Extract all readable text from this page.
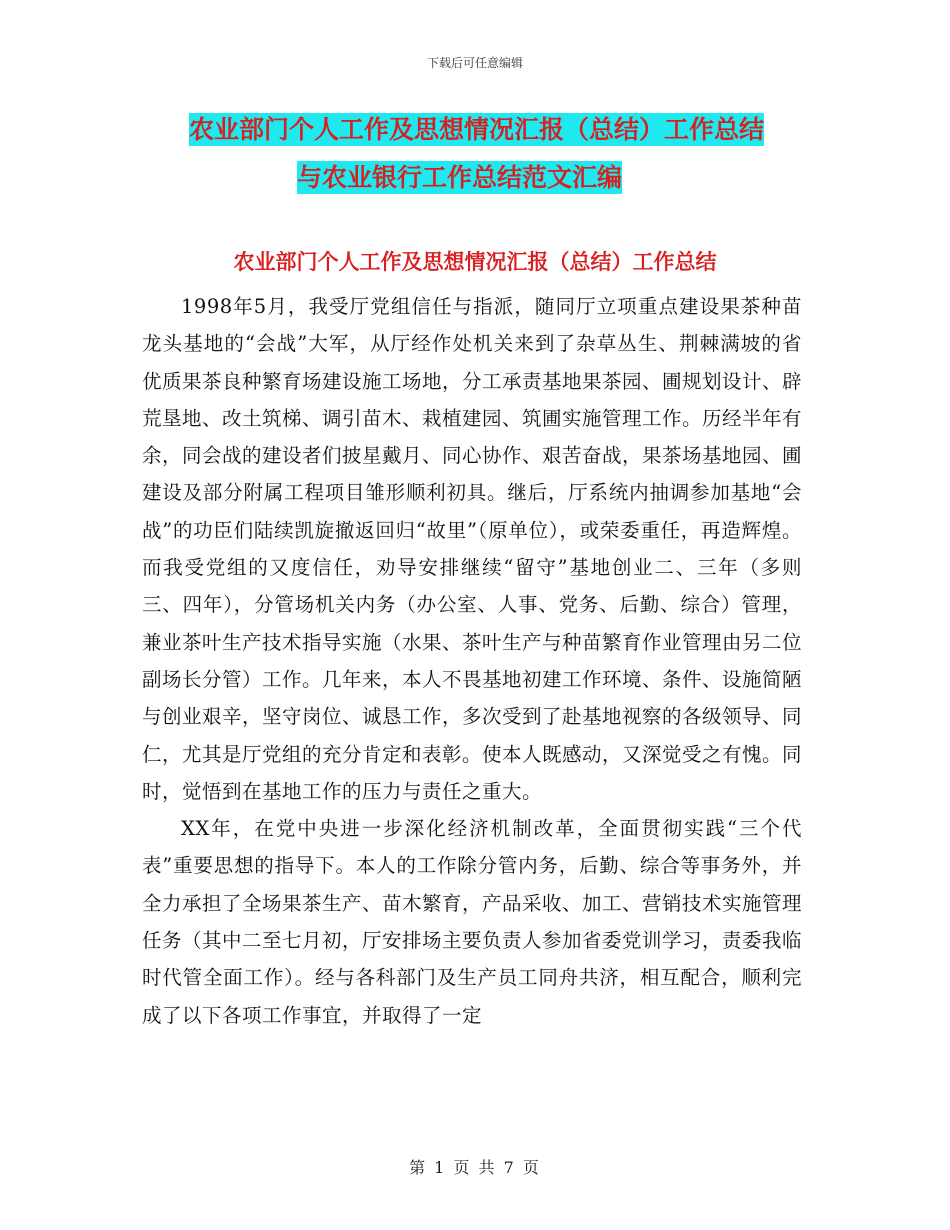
下载后可任意编辑
农业部门个人工作及思想情况汇报（总结）工作总结
与农业银行工作总结范文汇编
农业部门个人工作及思想情况汇报（总结）工作总结

1998年5月，我受厅党组信任与指派，随同厅立项重点建设果茶种苗龙头基地的“会战”大军，从厅经作处机关来到了杂草丛生、荆棘满坡的省优质果茶良种繁育场建设施工场地，分工承责基地果茶园、圃规划设计、辟荒垦地、改土筑梯、调引苗木、栽植建园、筑圃实施管理工作。历经半年有余，同会战的建设者们披星戴月、同心协作、艰苦奋战，果茶场基地园、圃建设及部分附属工程项目雏形顺利初具。继后，厅系统内抽调参加基地“会战”的功臣们陆续凯旋撤返回归“故里”（原单位），或荣委重任，再造辉煌。而我受党组的又度信任，劝导安排继续“留守”基地创业二、三年（多则三、四年），分管场机关内务（办公室、人事、党务、后勤、综合）管理，兼业茶叶生产技术指导实施（水果、茶叶生产与种苗繁育作业管理由另二位副场长分管）工作。几年来，本人不畏基地初建工作环境、条件、设施简陋与创业艰辛，坚守岗位、诚恳工作，多次受到了赴基地视察的各级领导、同仁，尤其是厅党组的充分肯定和表彰。使本人既感动，又深觉受之有愧。同时，觉悟到在基地工作的压力与责任之重大。

XX年，在党中央进一步深化经济机制改革，全面贯彻实践“三个代表”重要思想的指导下。本人的工作除分管内务，后勤、综合等事务外，并全力承担了全场果茶生产、苗木繁育，产品采收、加工、营销技术实施管理任务（其中二至七月初，厅安排场主要负责人参加省委党训学习，责委我临时代管全面工作）。经与各科部门及生产员工同舟共济，相互配合，顺利完成了以下各项工作事宜，并取得了一定

第 1 页 共 7 页
